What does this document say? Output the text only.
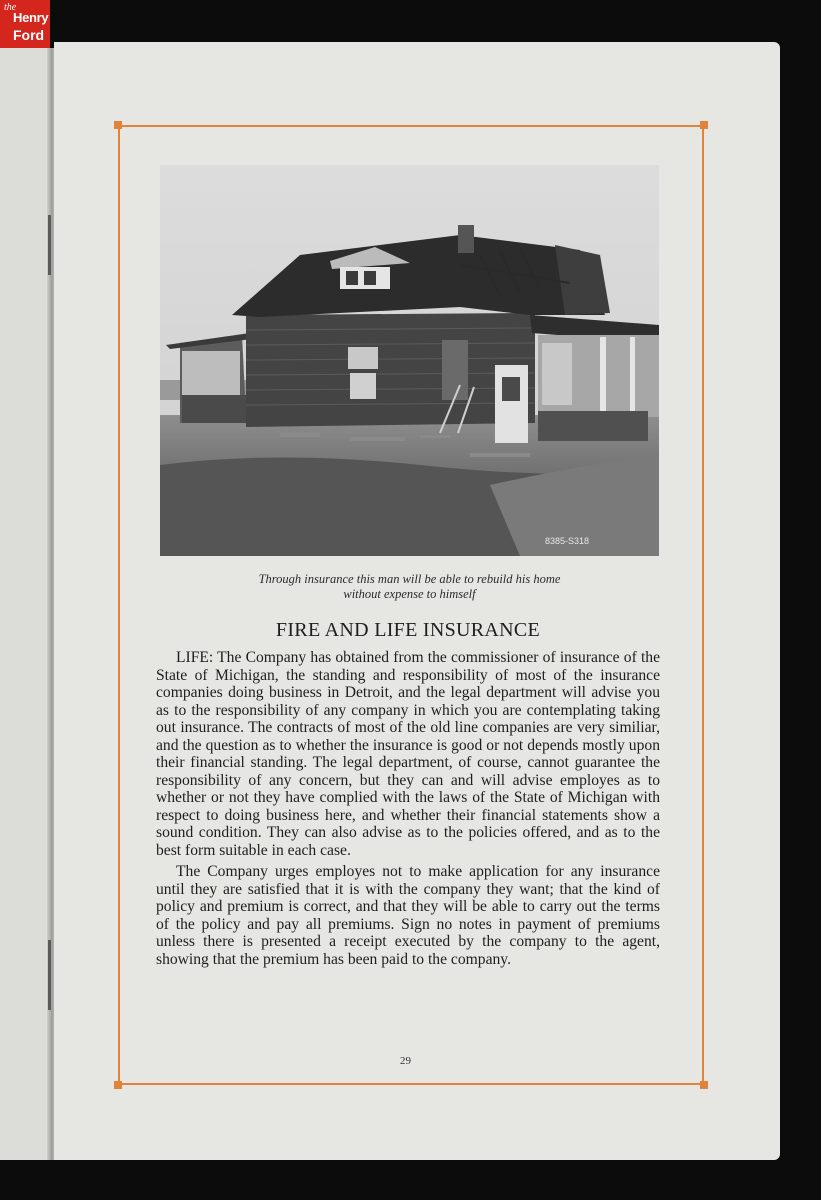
the
Henry
Ford
8385-S318
Through insurance this man will be able to rebuild his home
without expense to himself
FIRE AND LIFE INSURANCE

LIFE: The Company has obtained from the commissioner of insurance of the State of Michigan, the standing and responsibility of most of the insurance companies doing business in Detroit, and the legal department will advise you as to the responsibility of any company in which you are contemplating taking out insurance. The contracts of most of the old line companies are very similiar, and the question as to whether the insurance is good or not depends mostly upon their financial standing. The legal department, of course, cannot guarantee the responsibility of any concern, but they can and will advise employes as to whether or not they have complied with the laws of the State of Michigan with respect to doing business here, and whether their financial statements show a sound condition. They can also advise as to the policies offered, and as to the best form suitable in each case.

The Company urges employes not to make application for any insurance until they are satisfied that it is with the company they want; that the kind of policy and premium is correct, and that they will be able to carry out the terms of the policy and pay all premiums. Sign no notes in payment of premiums unless there is presented a receipt executed by the company to the agent, showing that the premium has been paid to the company.

29
